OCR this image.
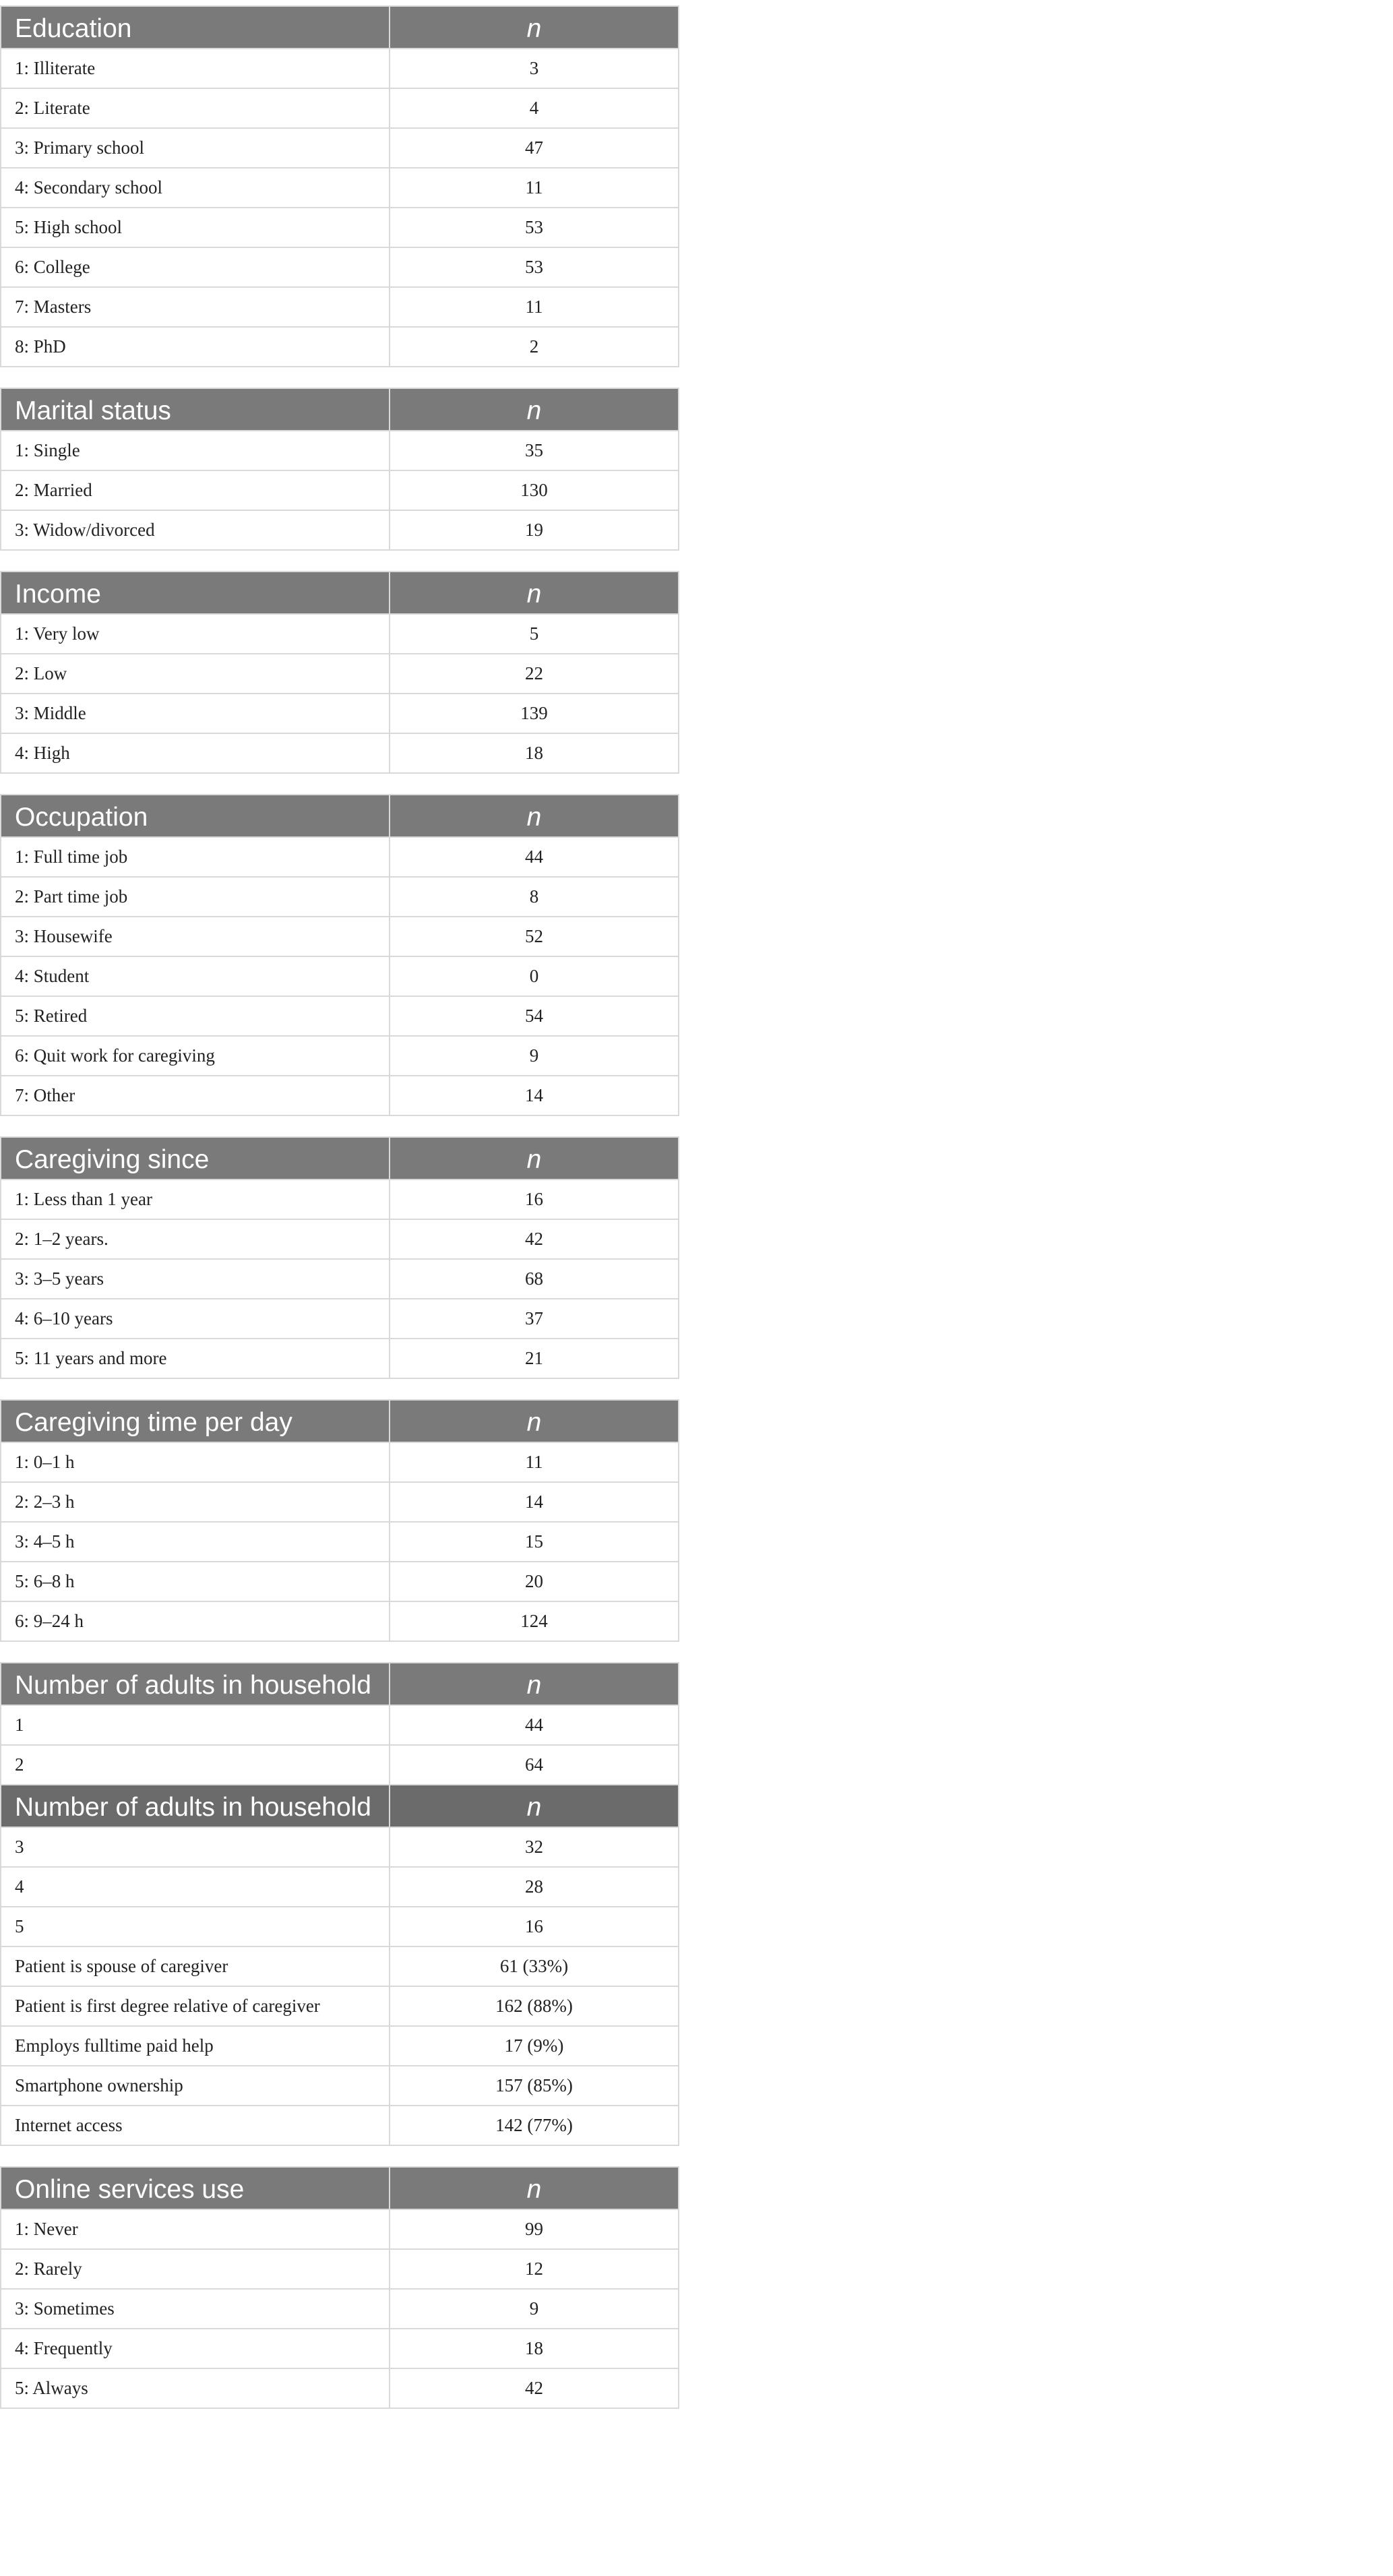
Education	n
1: Illiterate	3
2: Literate	4
3: Primary school	47
4: Secondary school	11
5: High school	53
6: College	53
7: Masters	11
8: PhD	2
Marital status	n
1: Single	35
2: Married	130
3: Widow/divorced	19
Income	n
1: Very low	5
2: Low	22
3: Middle	139
4: High	18
Occupation	n
1: Full time job	44
2: Part time job	8
3: Housewife	52
4: Student	0
5: Retired	54
6: Quit work for caregiving	9
7: Other	14
Caregiving since	n
1: Less than 1 year	16
2: 1–2 years.	42
3: 3–5 years	68
4: 6–10 years	37
5: 11 years and more	21
Caregiving time per day	n
1: 0–1 h	11
2: 2–3 h	14
3: 4–5 h	15
5: 6–8 h	20
6: 9–24 h	124
Number of adults in household	n
1	44
2	64
Number of adults in household	n
3	32
4	28
5	16
Patient is spouse of caregiver	61 (33%)
Patient is first degree relative of caregiver	162 (88%)
Employs fulltime paid help	17 (9%)
Smartphone ownership	157 (85%)
Internet access	142 (77%)
Online services use	n
1: Never	99
2: Rarely	12
3: Sometimes	9
4: Frequently	18
5: Always	42
